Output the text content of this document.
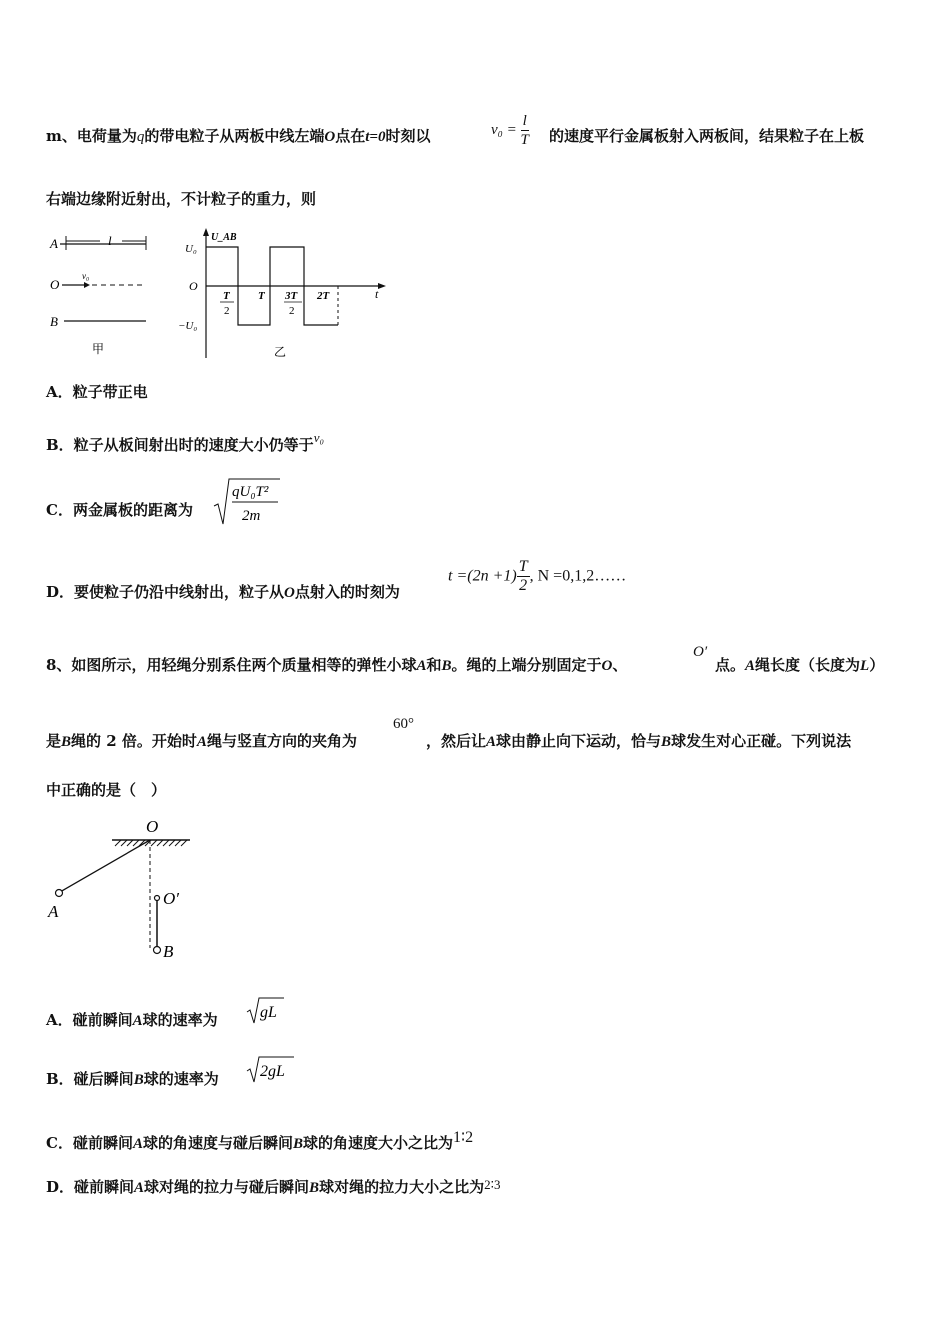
m、电荷量为q的带电粒子从两板中线左端O点在t=0时刻以	$v_0 = \frac{l}{T}$ 的速度平行金属板射入两板间，结果粒子在上板
右端边缘附近射出，不计粒子的重力，则
A	l
O
v₀
B
甲
U_AB
t
O
U₀
−U₀
T
2
T 3T
2
2T
乙
A．粒子带正电
B．粒子从板间射出时的速度大小仍等于v₀
C．两金属板的距离为
qU₀T²
2m
D．要使粒子仍沿中线射出，粒子从O点射入的时刻为
$t =(2n +1) \frac{T}{2}$ , N =0,1,2……
8、如图所示，用轻绳分别系住两个质量相等的弹性小球A和B。绳的上端分别固定于O、
O′
点。A绳长度（长度为L）
是B绳的 2 倍。开始时A绳与竖直方向的夹角为
60°
，然后让A球由静止向下运动，恰与B球发生对心正碰。下列说法
中正确的是（　）
O
A
O′
B
A．碰前瞬间A球的速率为	gL
B．碰后瞬间B球的速率为	2gL
C．碰前瞬间A球的角速度与碰后瞬间B球的角速度大小之比为1∶2
D．碰前瞬间A球对绳的拉力与碰后瞬间B球对绳的拉力大小之比为2∶3
